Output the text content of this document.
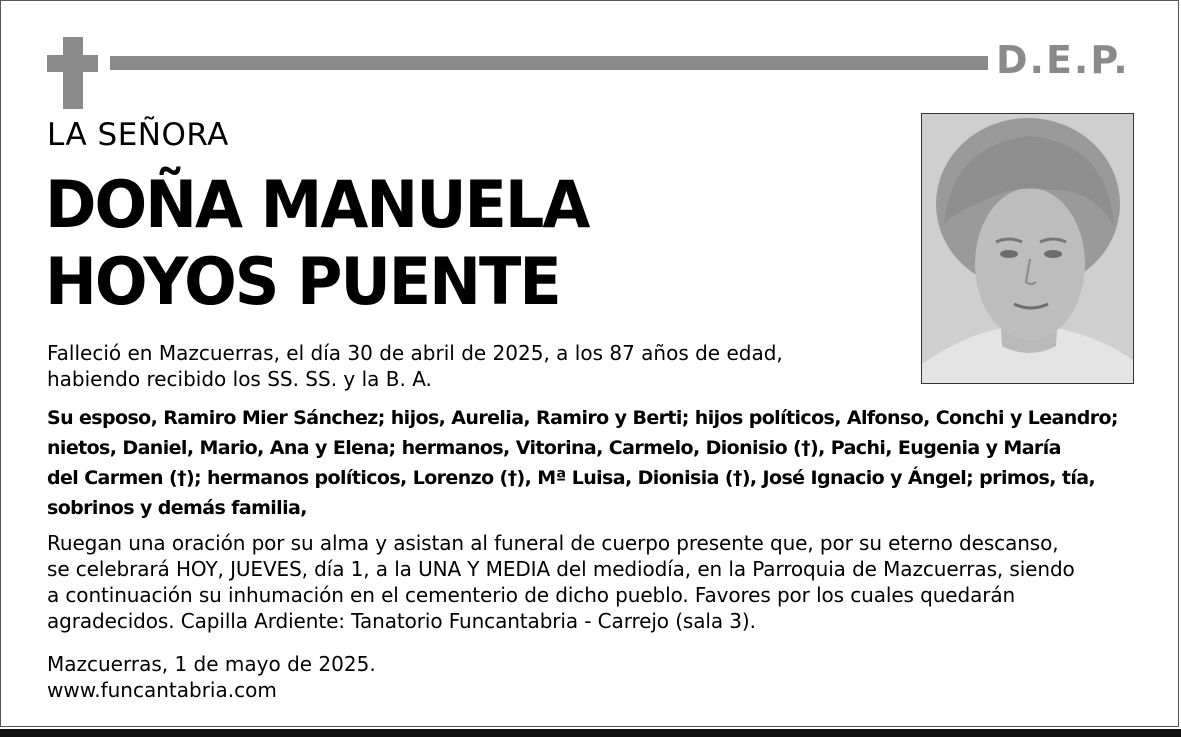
D.E.P.
LA SEÑORA
DOÑA MANUELA
HOYOS PUENTE
Falleció en Mazcuerras, el día 30 de abril de 2025, a los 87 años de edad,
habiendo recibido los SS. SS. y la B. A.
Su esposo, Ramiro Mier Sánchez; hijos, Aurelia, Ramiro y Berti; hijos políticos, Alfonso, Conchi y Leandro;
nietos, Daniel, Mario, Ana y Elena; hermanos, Vitorina, Carmelo, Dionisio (†), Pachi, Eugenia y María
del Carmen (†); hermanos políticos, Lorenzo (†), Mª Luisa, Dionisia (†), José Ignacio y Ángel; primos, tía,
sobrinos y demás familia,
Ruegan una oración por su alma y asistan al funeral de cuerpo presente que, por su eterno descanso,
se celebrará HOY, JUEVES, día 1, a la UNA Y MEDIA del mediodía, en la Parroquia de Mazcuerras, siendo
a continuación su inhumación en el cementerio de dicho pueblo. Favores por los cuales quedarán
agradecidos. Capilla Ardiente: Tanatorio Funcantabria - Carrejo (sala 3).
Mazcuerras, 1 de mayo de 2025.
www.funcantabria.com
